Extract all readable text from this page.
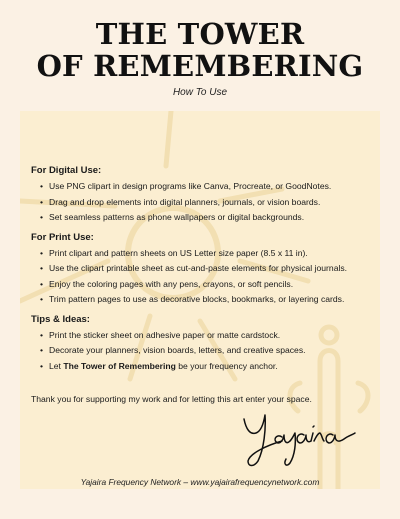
THE TOWER
OF REMEMBERING
How To Use

For Digital Use:

• Use PNG clipart in design programs like Canva, Procreate, or GoodNotes.
• Drag and drop elements into digital planners, journals, or vision boards.
• Set seamless patterns as phone wallpapers or digital backgrounds.

For Print Use:

• Print clipart and pattern sheets on US Letter size paper (8.5 x 11 in).
• Use the clipart printable sheet as cut-and-paste elements for physical journals.
• Enjoy the coloring pages with any pens, crayons, or soft pencils.
• Trim pattern pages to use as decorative blocks, bookmarks, or layering cards.

Tips & Ideas:

• Print the sticker sheet on adhesive paper or matte cardstock.
• Decorate your planners, vision boards, letters, and creative spaces.
• Let The Tower of Remembering be your frequency anchor.
Thank you for supporting my work and for letting this art enter your space.
Yajaira Frequency Network – www.yajairafrequencynetwork.com
